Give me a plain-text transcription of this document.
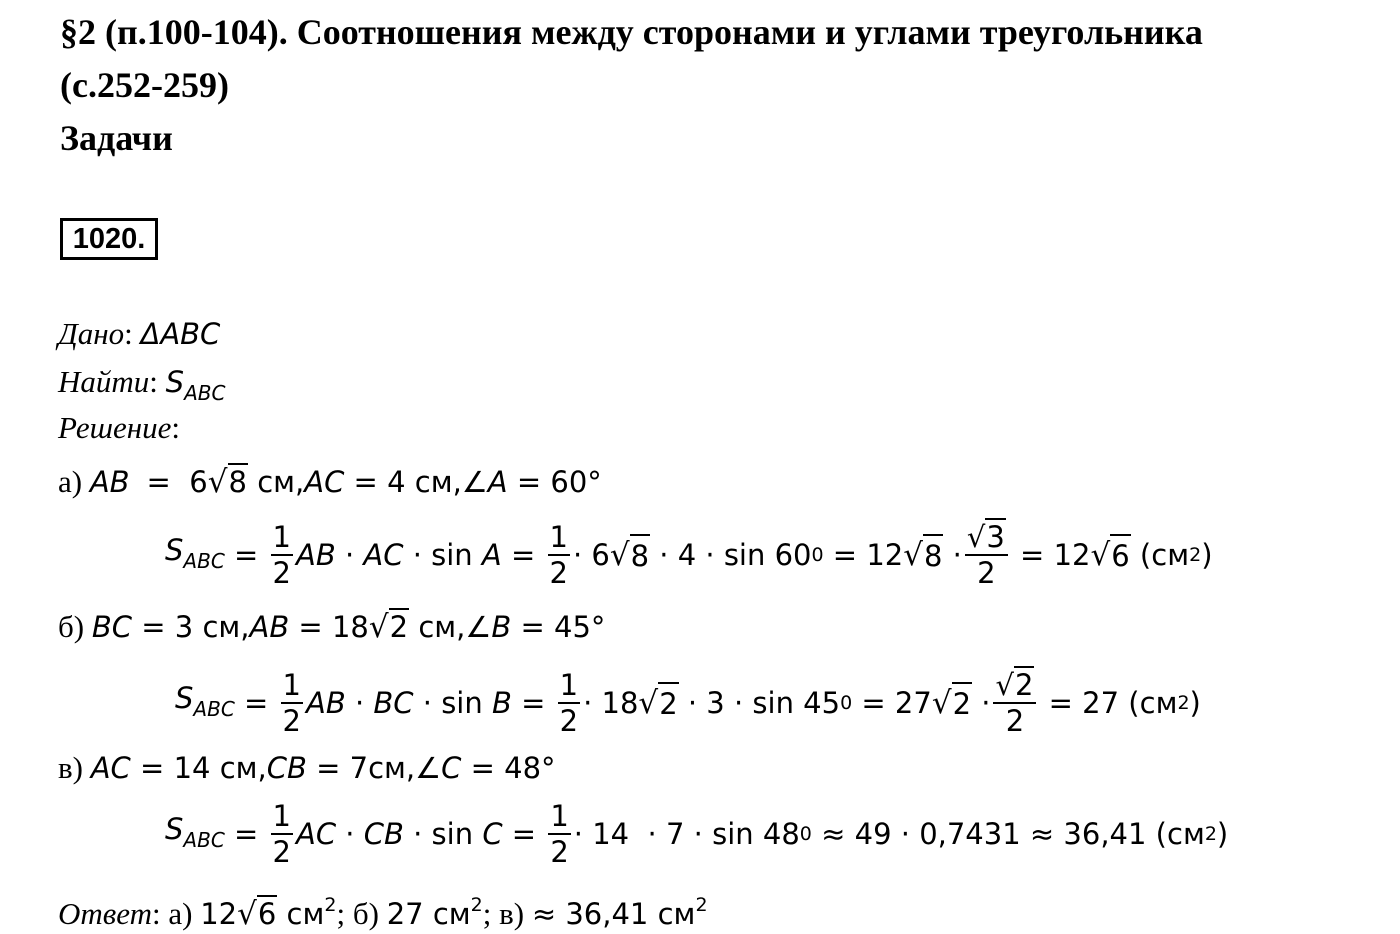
§2 (п.100-104). Соотношения между сторонами и углами треугольника
(с.252-259)
Задачи
1020.
Дано: ΔABC
Найти: $S_{ABC}$
Решение:
а) AB  =  6√8 см,AC = 4 см,∠A = 60°
$S_{ABC} = \frac{1}{2}$ AB · AC · $\sin A = \frac{1}{2} \cdot 6$ √ 8 · 4 · sin 60 0 = 12 √ $8 \cdot \frac{√3}{2} = 12$ √ 6 ( см 2 )
б) BC = 3 см,AB = 18√2 см,∠B = 45°
$S_{ABC} = \frac{1}{2}$ AB · BC · $\sin B = \frac{1}{2} \cdot 18$ √ 2 · 3 · sin 45 0 = 27 √ $2 \cdot \frac{√2}{2} = 27$ ( см 2 )
в) AC = 14 см,CB = 7см,∠C = 48°
$S_{ABC} = \frac{1}{2}$ AC · CB · $\sin C = \frac{1}{2} \cdot 14 \cdot 7 \cdot \sin 48$ 0 ≈ 49 · 0,7431 ≈ 36,41 ( см 2 )
Ответ: а) 12√6 $см^2$; б) 27 $см^2$; в) ≈ 36,41 $см^2$
